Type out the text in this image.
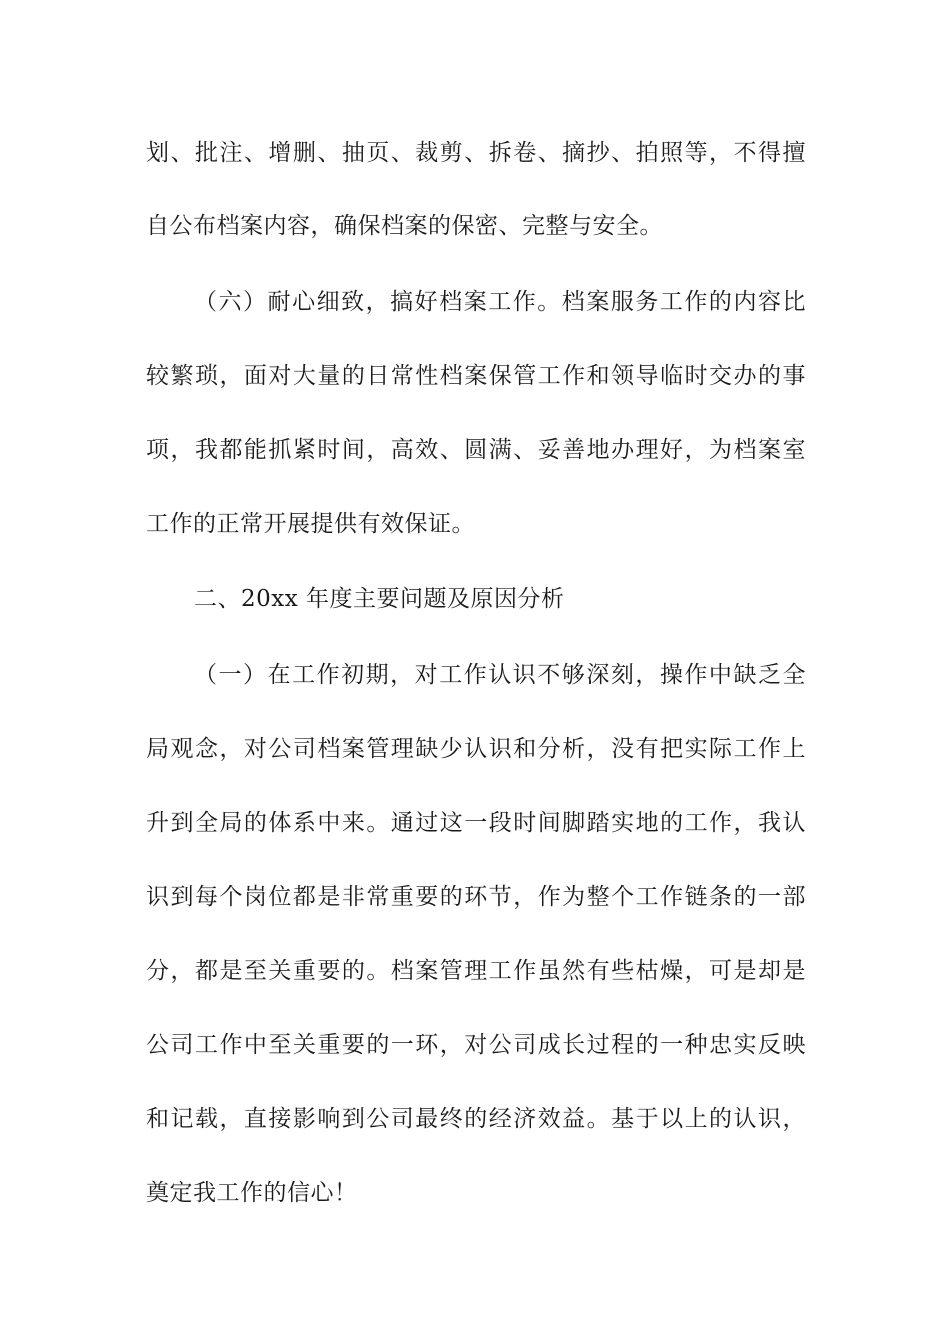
划、批注、增删、抽页、裁剪、拆卷、摘抄、拍照等，不得擅
自公布档案内容，确保档案的保密、完整与安全。
（六）耐心细致，搞好档案工作。档案服务工作的内容比
较繁琐，面对大量的日常性档案保管工作和领导临时交办的事
项，我都能抓紧时间，高效、圆满、妥善地办理好，为档案室
工作的正常开展提供有效保证。
二、20xx 年度主要问题及原因分析
（一）在工作初期，对工作认识不够深刻，操作中缺乏全
局观念，对公司档案管理缺少认识和分析，没有把实际工作上
升到全局的体系中来。通过这一段时间脚踏实地的工作，我认
识到每个岗位都是非常重要的环节，作为整个工作链条的一部
分，都是至关重要的。档案管理工作虽然有些枯燥，可是却是
公司工作中至关重要的一环，对公司成长过程的一种忠实反映
和记载，直接影响到公司最终的经济效益。基于以上的认识，
奠定我工作的信心！
